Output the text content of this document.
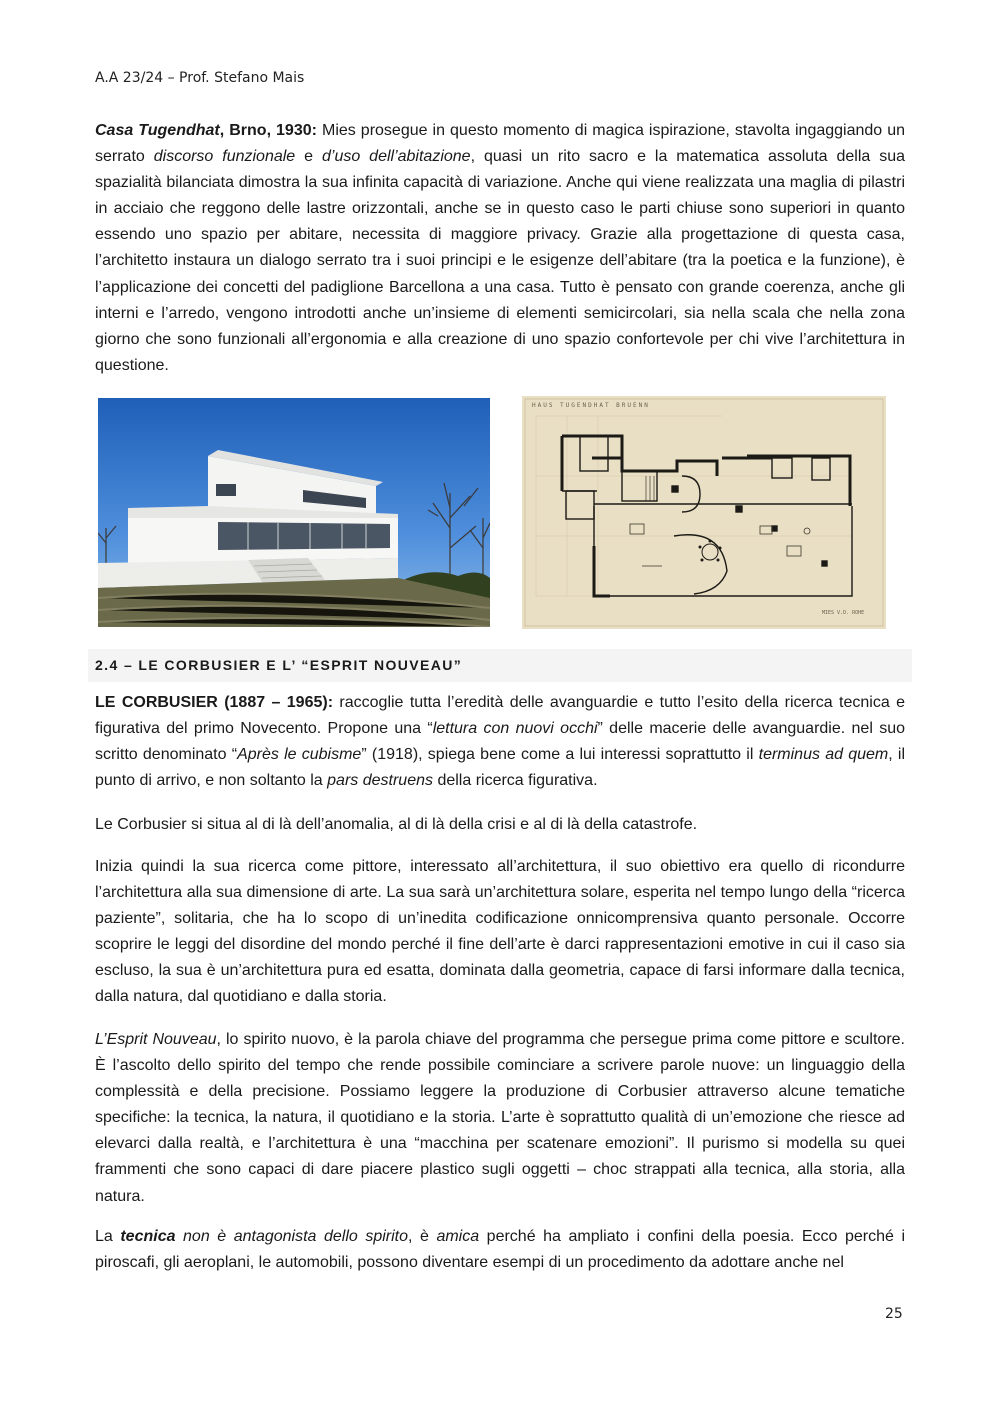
A.A 23/24 – Prof. Stefano Mais

Casa Tugendhat, Brno, 1930: Mies prosegue in questo momento di magica ispirazione, stavolta ingaggiando un serrato discorso funzionale e d’uso dell’abitazione, quasi un rito sacro e la matematica assoluta della sua spazialità bilanciata dimostra la sua infinita capacità di variazione. Anche qui viene realizzata una maglia di pilastri in acciaio che reggono delle lastre orizzontali, anche se in questo caso le parti chiuse sono superiori in quanto essendo uno spazio per abitare, necessita di maggiore privacy. Grazie alla progettazione di questa casa, l’architetto instaura un dialogo serrato tra i suoi principi e le esigenze dell’abitare (tra la poetica e la funzione), è l’applicazione dei concetti del padiglione Barcellona a una casa. Tutto è pensato con grande coerenza, anche gli interni e l’arredo, vengono introdotti anche un’insieme di elementi semicircolari, sia nella scala che nella zona giorno che sono funzionali all’ergonomia e alla creazione di uno spazio confortevole per chi vive l’architettura in questione.

HAUS TUGENDHAT BRUENN
MIES V.D. ROHE
2.4 – LE CORBUSIER E L’ “ESPRIT NOUVEAU”

LE CORBUSIER (1887 – 1965): raccoglie tutta l’eredità delle avanguardie e tutto l’esito della ricerca tecnica e figurativa del primo Novecento. Propone una “lettura con nuovi occhi” delle macerie delle avanguardie. nel suo scritto denominato “Après le cubisme” (1918), spiega bene come a lui interessi soprattutto il terminus ad quem, il punto di arrivo, e non soltanto la pars destruens della ricerca figurativa.

Le Corbusier si situa al di là dell’anomalia, al di là della crisi e al di là della catastrofe.

Inizia quindi la sua ricerca come pittore, interessato all’architettura, il suo obiettivo era quello di ricondurre l’architettura alla sua dimensione di arte. La sua sarà un’architettura solare, esperita nel tempo lungo della “ricerca paziente”, solitaria, che ha lo scopo di un’inedita codificazione onnicomprensiva quanto personale. Occorre scoprire le leggi del disordine del mondo perché il fine dell’arte è darci rappresentazioni emotive in cui il caso sia escluso, la sua è un’architettura pura ed esatta, dominata dalla geometria, capace di farsi informare dalla tecnica, dalla natura, dal quotidiano e dalla storia.

L’Esprit Nouveau, lo spirito nuovo, è la parola chiave del programma che persegue prima come pittore e scultore. È l’ascolto dello spirito del tempo che rende possibile cominciare a scrivere parole nuove: un linguaggio della complessità e della precisione. Possiamo leggere la produzione di Corbusier attraverso alcune tematiche specifiche: la tecnica, la natura, il quotidiano e la storia. L’arte è soprattutto qualità di un’emozione che riesce ad elevarci dalla realtà, e l’architettura è una “macchina per scatenare emozioni”. Il purismo si modella su quei frammenti che sono capaci di dare piacere plastico sugli oggetti – choc strappati alla tecnica, alla storia, alla natura.

La tecnica non è antagonista dello spirito, è amica perché ha ampliato i confini della poesia. Ecco perché i piroscafi, gli aeroplani, le automobili, possono diventare esempi di un procedimento da adottare anche nel

25
